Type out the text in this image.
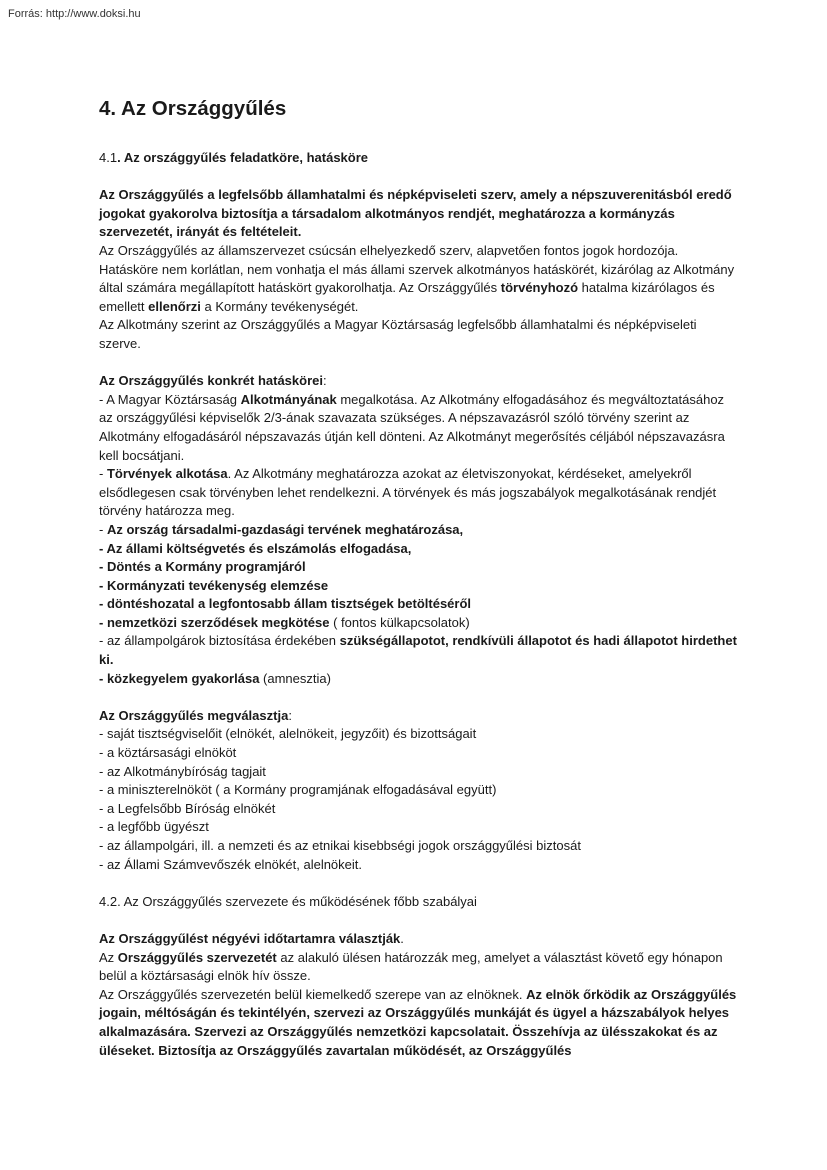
Forrás: http://www.doksi.hu
4. Az Országgyűlés

4.1. Az országgyűlés feladatköre, hatásköre

Az Országgyűlés a legfelsőbb államhatalmi és népképviseleti szerv, amely a népszuverenitásból eredő jogokat gyakorolva biztosítja a társadalom alkotmányos rendjét, meghatározza a kormányzás szervezetét, irányát és feltételeit.

Az Országgyűlés az államszervezet csúcsán elhelyezkedő szerv, alapvetően fontos jogok hordozója. Hatásköre nem korlátlan, nem vonhatja el más állami szervek alkotmányos hatáskörét, kizárólag az Alkotmány által számára megállapított hatáskört gyakorolhatja. Az Országgyűlés törvényhozó hatalma kizárólagos és emellett ellenőrzi a Kormány tevékenységét.

Az Alkotmány szerint az Országgyűlés a Magyar Köztársaság legfelsőbb államhatalmi és népképviseleti szerve.

Az Országgyűlés konkrét hatáskörei:

- A Magyar Köztársaság Alkotmányának megalkotása. Az Alkotmány elfogadásához és megváltoztatásához az országgyűlési képviselők 2/3-ának szavazata szükséges. A népszavazásról szóló törvény szerint az Alkotmány elfogadásáról népszavazás útján kell dönteni. Az Alkotmányt megerősítés céljából népszavazásra kell bocsátjani.

- Törvények alkotása. Az Alkotmány meghatározza azokat az életviszonyokat, kérdéseket, amelyekről elsődlegesen csak törvényben lehet rendelkezni. A törvények és más jogszabályok megalkotásának rendjét törvény határozza meg.

- Az ország társadalmi-gazdasági tervének meghatározása,

- Az állami költségvetés és elszámolás elfogadása,

- Döntés a Kormány programjáról

- Kormányzati tevékenység elemzése

- döntéshozatal a legfontosabb állam tisztségek betöltéséről

- nemzetközi szerződések megkötése ( fontos külkapcsolatok)

- az állampolgárok biztosítása érdekében szükségállapotot, rendkívüli állapotot és hadi állapotot hirdethet ki.

- közkegyelem gyakorlása (amnesztia)

Az Országgyűlés megválasztja:

- saját tisztségviselőit (elnökét, alelnökeit, jegyzőit) és bizottságait

- a köztársasági elnököt

- az Alkotmánybíróság tagjait

- a miniszterelnököt ( a Kormány programjának elfogadásával együtt)

- a Legfelsőbb Bíróság elnökét

- a legfőbb ügyészt

- az állampolgári, ill. a nemzeti és az etnikai kisebbségi jogok országgyűlési biztosát

- az Állami Számvevőszék elnökét, alelnökeit.

4.2. Az Országgyűlés szervezete és működésének főbb szabályai

Az Országgyűlést négyévi időtartamra választják.

Az Országgyűlés szervezetét az alakuló ülésen határozzák meg, amelyet a választást követő egy hónapon belül a köztársasági elnök hív össze.

Az Országgyűlés szervezetén belül kiemelkedő szerepe van az elnöknek. Az elnök őrködik az Országgyűlés jogain, méltóságán és tekintélyén, szervezi az Országgyűlés munkáját és ügyel a házszabályok helyes alkalmazására. Szervezi az Országgyűlés nemzetközi kapcsolatait. Összehívja az ülésszakokat és az üléseket. Biztosítja az Országgyűlés zavartalan működését, az Országgyűlés
